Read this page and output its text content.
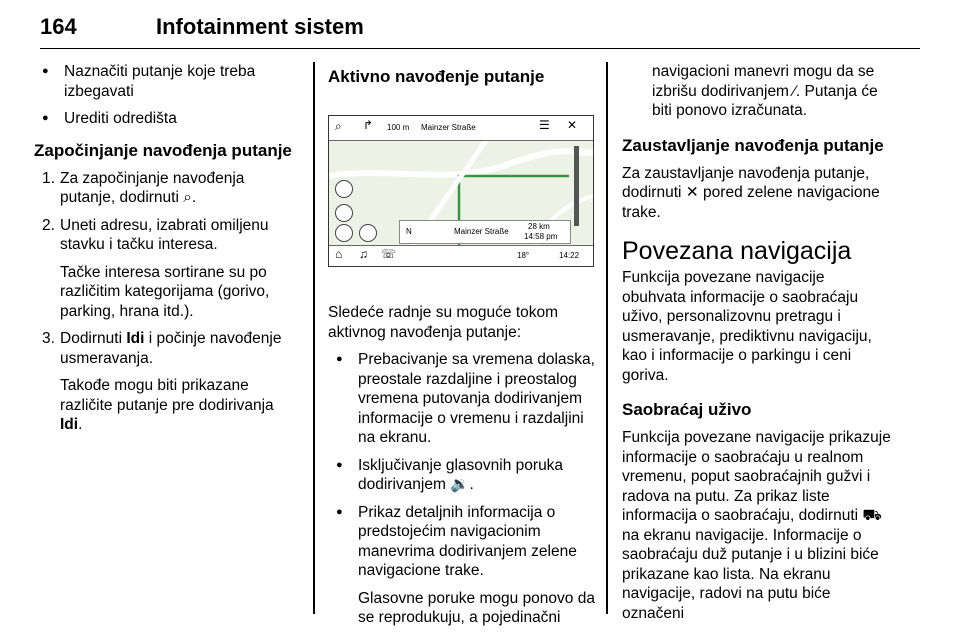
164	Infotainment sistem

● Naznačiti putanje koje treba izbegavati

● Urediti odredišta

Započinjanje navođenja putanje

1. Za započinjanje navođenja putanje, dodirnuti ⌕.

2. Uneti adresu, izabrati omiljenu stavku i tačku interesa.

Tačke interesa sortirane su po različitim kategorijama (gorivo, parking, hrana itd.).

3. Dodirnuti Idi i počinje navođenje usmeravanja.

Takođe mogu biti prikazane različite putanje pre dodirivanja Idi.

Aktivno navođenje putanje

⌕ ↱ 100 m Mainzer Straße	☰ ✕
N	Mainzer Straße
28 km
14:58 pm
⌂ ♫ ☏	18°	14:22

Sledeće radnje su moguće tokom aktivnog navođenja putanje:

● Prebacivanje sa vremena dolaska, preostale razdaljine i preostalog vremena putovanja dodirivanjem informacije o vremenu i razdaljini na ekranu.

● Isključivanje glasovnih poruka dodirivanjem 🔉.

● Prikaz detaljnih informacija o predstojećim navigacionim manevrima dodirivanjem zelene navigacione trake.

Glasovne poruke mogu ponovo da se reprodukuju, a pojedinačni

navigacioni manevri mogu da se izbrišu dodirivanjem ∕. Putanja će biti ponovo izračunata.

Zaustavljanje navođenja putanje

Za zaustavljanje navođenja putanje, dodirnuti ✕ pored zelene navigacione trake.

Povezana navigacija

Funkcija povezane navigacije obuhvata informacije o saobraćaju uživo, personalizovnu pretragu i usmeravanje, prediktivnu navigaciju, kao i informacije o parkingu i ceni goriva.

Saobraćaj uživo

Funkcija povezane navigacije prikazuje informacije o saobraćaju u realnom vremenu, poput saobraćajnih gužvi i radova na putu. Za prikaz liste informacija o saobraćaju, dodirnuti ⛟ na ekranu navigacije. Informacije o saobraćaju duž putanje i u blizini biće prikazane kao lista. Na ekranu navigacije, radovi na putu biće označeni
